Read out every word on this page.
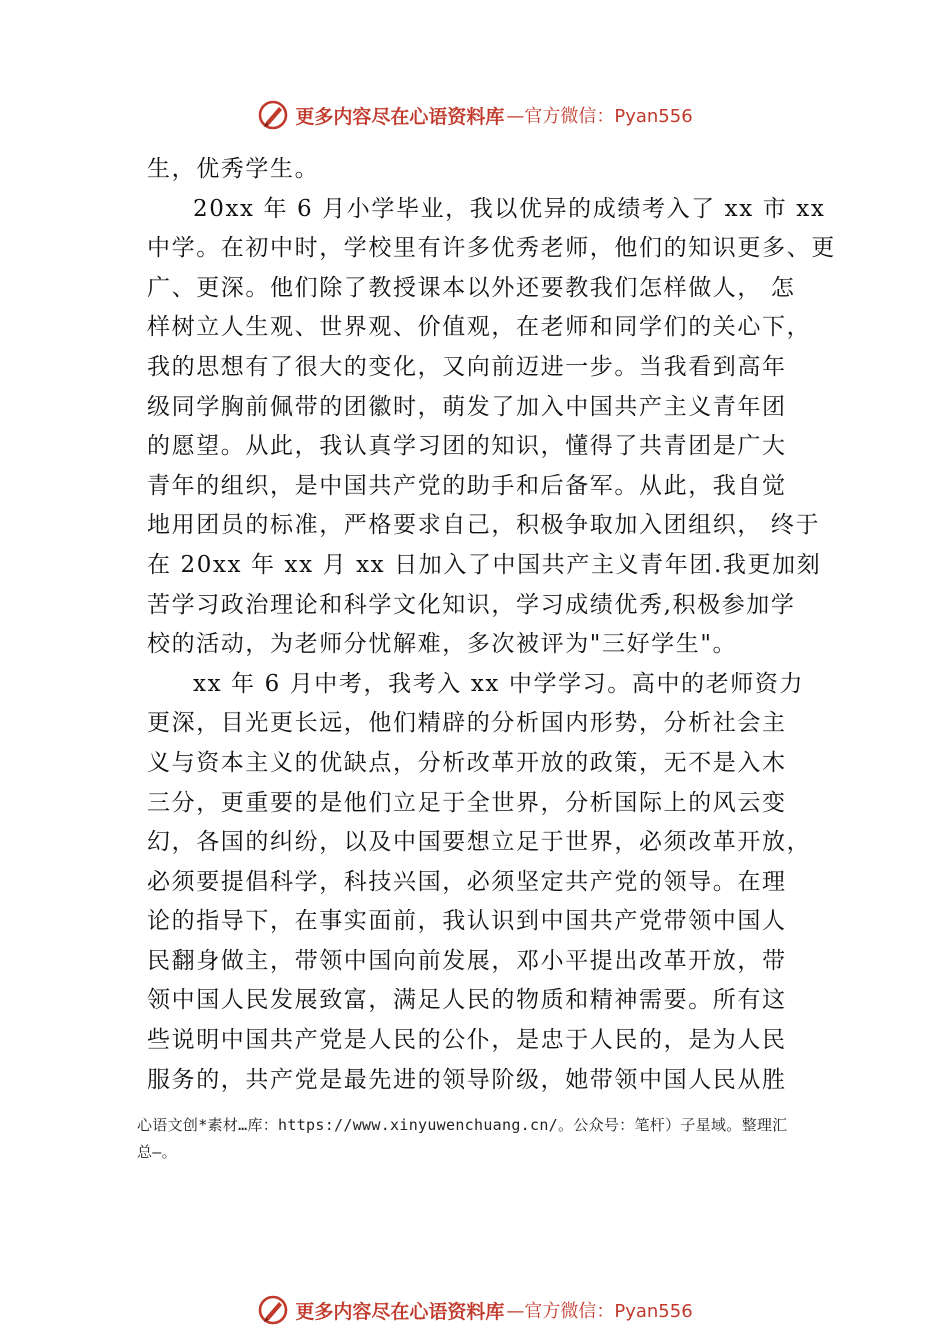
更多内容尽在心语资料库 —官方微信：Pyan556
生，优秀学生。
20xx 年 6 月小学毕业，我以优异的成绩考入了 xx 市 xx
中学。在初中时，学校里有许多优秀老师，他们的知识更多、更
广、更深。他们除了教授课本以外还要教我们怎样做人， 怎
样树立人生观、世界观、价值观，在老师和同学们的关心下，
我的思想有了很大的变化，又向前迈进一步。当我看到高年
级同学胸前佩带的团徽时，萌发了加入中国共产主义青年团
的愿望。从此，我认真学习团的知识，懂得了共青团是广大
青年的组织，是中国共产党的助手和后备军。从此，我自觉
地用团员的标准，严格要求自己，积极争取加入团组织， 终于
在 20xx 年 xx 月 xx 日加入了中国共产主义青年团.我更加刻
苦学习政治理论和科学文化知识，学习成绩优秀,积极参加学
校的活动，为老师分忧解难，多次被评为"三好学生"。
xx 年 6 月中考，我考入 xx 中学学习。高中的老师资力
更深，目光更长远，他们精辟的分析国内形势，分析社会主
义与资本主义的优缺点，分析改革开放的政策，无不是入木
三分，更重要的是他们立足于全世界，分析国际上的风云变
幻，各国的纠纷，以及中国要想立足于世界，必须改革开放，
必须要提倡科学，科技兴国，必须坚定共产党的领导。在理
论的指导下，在事实面前，我认识到中国共产党带领中国人
民翻身做主，带领中国向前发展，邓小平提出改革开放，带
领中国人民发展致富，满足人民的物质和精神需要。所有这
些说明中国共产党是人民的公仆，是忠于人民的，是为人民
服务的，共产党是最先进的领导阶级，她带领中国人民从胜
心语文创*素材…库：https://www.xinyuwenchuang.cn/。公众号：笔杆）子星域。整理汇
总—。
更多内容尽在心语资料库 —官方微信：Pyan556
